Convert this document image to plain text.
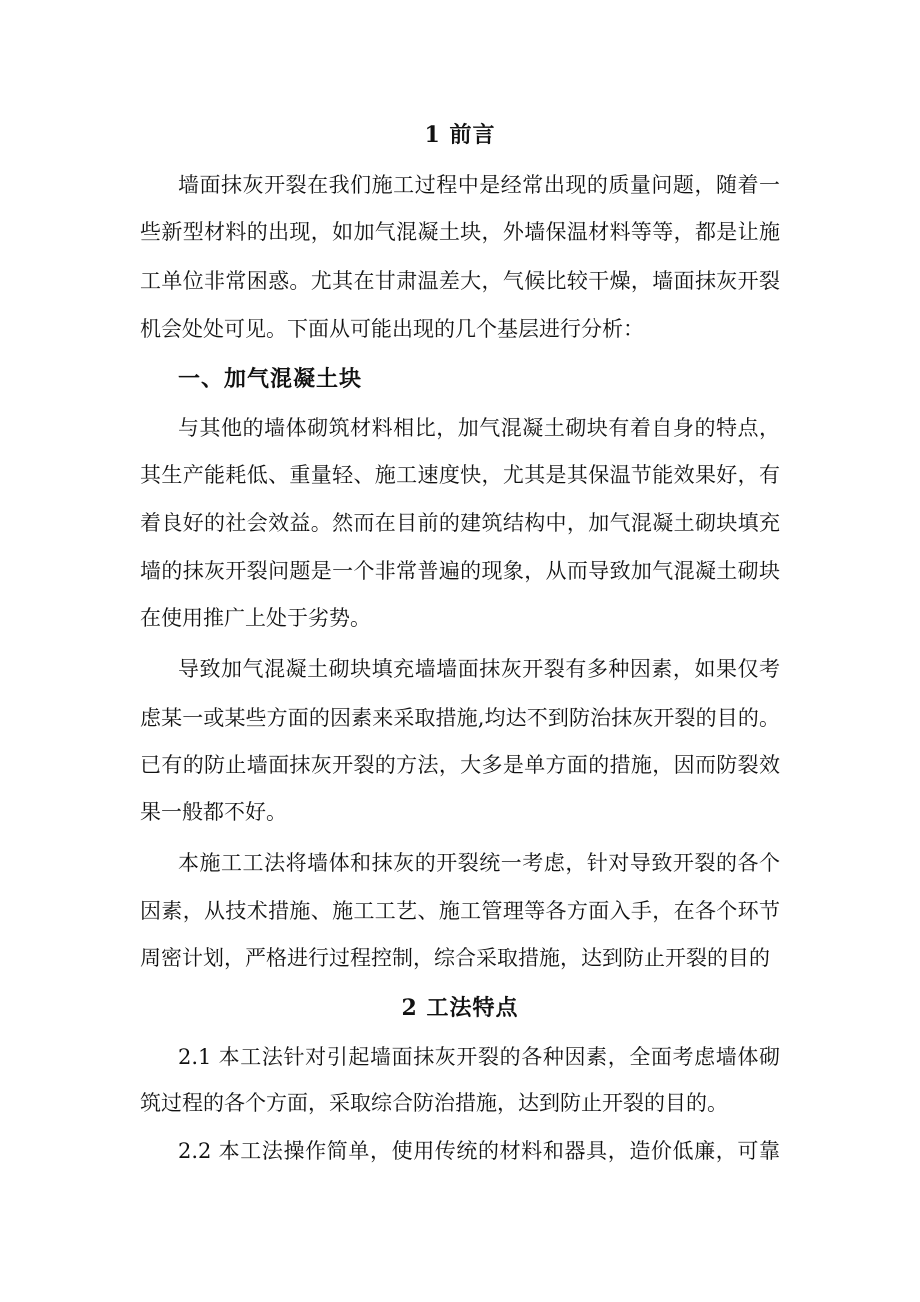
1 前言
墙面抹灰开裂在我们施工过程中是经常出现的质量问题，随着一
些新型材料的出现，如加气混凝土块，外墙保温材料等等，都是让施
工单位非常困惑。尤其在甘肃温差大，气候比较干燥，墙面抹灰开裂
机会处处可见。下面从可能出现的几个基层进行分析：
一、加气混凝土块
与其他的墙体砌筑材料相比，加气混凝土砌块有着自身的特点，
其生产能耗低、重量轻、施工速度快，尤其是其保温节能效果好，有
着良好的社会效益。然而在目前的建筑结构中，加气混凝土砌块填充
墙的抹灰开裂问题是一个非常普遍的现象，从而导致加气混凝土砌块
在使用推广上处于劣势。
导致加气混凝土砌块填充墙墙面抹灰开裂有多种因素，如果仅考
虑某一或某些方面的因素来采取措施,均达不到防治抹灰开裂的目的。
已有的防止墙面抹灰开裂的方法，大多是单方面的措施，因而防裂效
果一般都不好。
本施工工法将墙体和抹灰的开裂统一考虑，针对导致开裂的各个
因素，从技术措施、施工工艺、施工管理等各方面入手，在各个环节
周密计划，严格进行过程控制，综合采取措施，达到防止开裂的目的
2 工法特点
2.1 本工法针对引起墙面抹灰开裂的各种因素，全面考虑墙体砌
筑过程的各个方面，采取综合防治措施，达到防止开裂的目的。
2.2 本工法操作简单，使用传统的材料和器具，造价低廉，可靠
